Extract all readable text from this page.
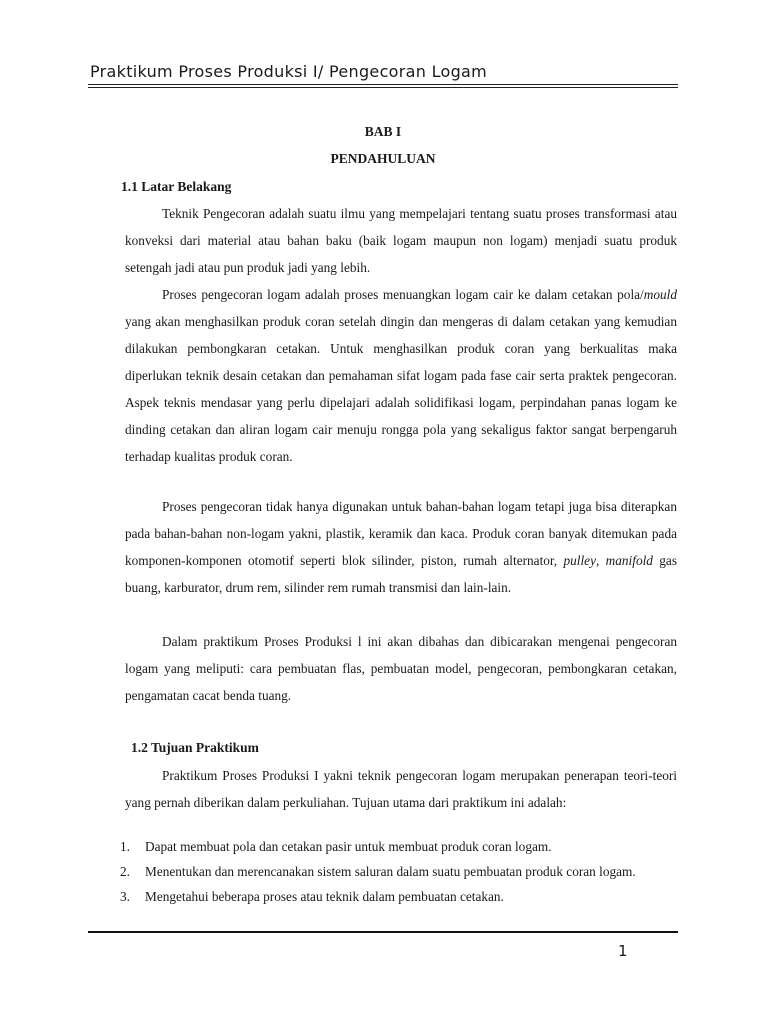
Praktikum Proses Produksi I/ Pengecoran Logam
BAB I
PENDAHULUAN
1.1 Latar Belakang

Teknik Pengecoran adalah suatu ilmu yang mempelajari tentang suatu proses transformasi atau konveksi dari material atau bahan baku (baik logam maupun non logam) menjadi suatu produk setengah jadi atau pun produk jadi yang lebih.

Proses pengecoran logam adalah proses menuangkan logam cair ke dalam cetakan pola/mould yang akan menghasilkan produk coran setelah dingin dan mengeras di dalam cetakan yang kemudian dilakukan pembongkaran cetakan. Untuk menghasilkan produk coran yang berkualitas maka diperlukan teknik desain cetakan dan pemahaman sifat logam pada fase cair serta praktek pengecoran. Aspek teknis mendasar yang perlu dipelajari adalah solidifikasi logam, perpindahan panas logam ke dinding cetakan dan aliran logam cair menuju rongga pola yang sekaligus faktor sangat berpengaruh terhadap kualitas produk coran.

Proses pengecoran tidak hanya digunakan untuk bahan-bahan logam tetapi juga bisa diterapkan pada bahan-bahan non-logam yakni, plastik, keramik dan kaca. Produk coran banyak ditemukan pada komponen-komponen otomotif seperti blok silinder, piston, rumah alternator, pulley, manifold gas buang, karburator, drum rem, silinder rem rumah transmisi dan lain-lain.

Dalam praktikum Proses Produksi l ini akan dibahas dan dibicarakan mengenai pengecoran logam yang meliputi: cara pembuatan flas, pembuatan model, pengecoran, pembongkaran cetakan, pengamatan cacat benda tuang.

1.2 Tujuan Praktikum

Praktikum Proses Produksi I yakni teknik pengecoran logam merupakan penerapan teori-teori yang pernah diberikan dalam perkuliahan. Tujuan utama dari praktikum ini adalah:

1. Dapat membuat pola dan cetakan pasir untuk membuat produk coran logam.
2. Menentukan dan merencanakan sistem saluran dalam suatu pembuatan produk coran logam.
3. Mengetahui beberapa proses atau teknik dalam pembuatan cetakan.
1
